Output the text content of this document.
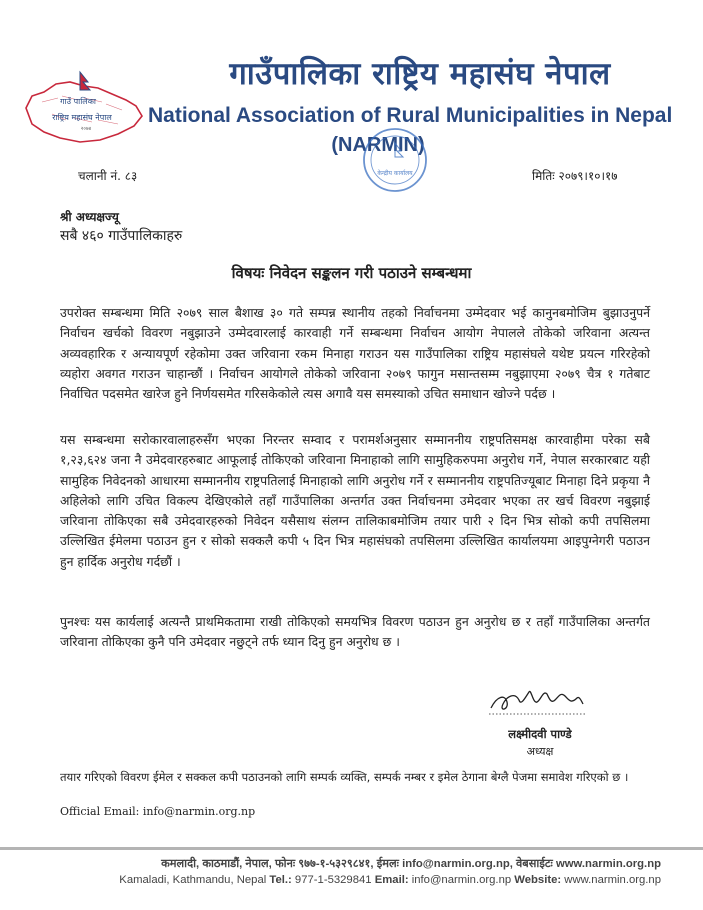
गाउँ पालिका
राष्ट्रिय महासंघ नेपाल
२०७४
गाउँपालिका राष्ट्रिय महासंघ नेपाल
National Association of Rural Municipalities in Nepal
(NARMIN)
केन्द्रीय कार्यालय
चलानी नं. ८३	मितिः २०७९।१०।१७
श्री अध्यक्षज्यू
सबै ४६० गाउँपालिकाहरु
विषयः निवेदन सङ्कलन गरी पठाउने सम्बन्धमा
उपरोक्त सम्बन्धमा मिति २०७९ साल बैशाख ३० गते सम्पन्न स्थानीय तहको निर्वाचनमा उम्मेदवार भई कानुनबमोजिम बुझाउनुपर्ने निर्वाचन खर्चको विवरण नबुझाउने उम्मेदवारलाई कारवाही गर्ने सम्बन्धमा निर्वाचन आयोग नेपालले तोकेको जरिवाना अत्यन्त अव्यवहारिक र अन्यायपूर्ण रहेकोमा उक्त जरिवाना रकम मिनाहा गराउन यस गाउँपालिका राष्ट्रिय महासंघले यथेष्ट प्रयत्न गरिरहेको व्यहोरा अवगत गराउन चाहान्छौं । निर्वाचन आयोगले तोकेको जरिवाना २०७९ फागुन मसान्तसम्म नबुझाएमा २०७९ चैत्र १ गतेबाट निर्वाचित पदसमेत खारेज हुने निर्णयसमेत गरिसकेकोले त्यस अगावै यस समस्याको उचित समाधान खोज्ने पर्दछ ।
यस सम्बन्धमा सरोकारवालाहरुसँग भएका निरन्तर सम्वाद र परामर्शअनुसार सम्माननीय राष्ट्रपतिसमक्ष कारवाहीमा परेका सबै १,२३,६२४ जना नै उमेदवारहरुबाट आफूलाई तोकिएको जरिवाना मिनाहाको लागि सामुहिकरुपमा अनुरोध गर्ने, नेपाल सरकारबाट यही सामुहिक निवेदनको आधारमा सम्माननीय राष्ट्रपतिलाई मिनाहाको लागि अनुरोध गर्ने र सम्माननीय राष्ट्रपतिज्यूबाट मिनाहा दिने प्रकृया नै अहिलेको लागि उचित विकल्प देखिएकोले तहाँ गाउँपालिका अन्तर्गत उक्त निर्वाचनमा उमेदवार भएका तर खर्च विवरण नबुझाई जरिवाना तोकिएका सबै उमेदवारहरुको निवेदन यसैसाथ संलग्न तालिकाबमोजिम तयार पारी २ दिन भित्र सोको कपी तपसिलमा उल्लिखित ईमेलमा पठाउन हुन र सोको सक्कलै कपी ५ दिन भित्र महासंघको तपसिलमा उल्लिखित कार्यालयमा आइपुग्नेगरी पठाउन हुन हार्दिक अनुरोध गर्दछौं ।
पुनश्चः यस कार्यलाई अत्यन्तै प्राथमिकतामा राखी तोकिएको समयभित्र विवरण पठाउन हुन अनुरोध छ र तहाँ गाउँपालिका अन्तर्गत जरिवाना तोकिएका कुनै पनि उमेदवार नछुट्ने तर्फ ध्यान दिनु हुन अनुरोध छ ।
लक्ष्मीदवी पाण्डे
अध्यक्ष
तयार गरिएको विवरण ईमेल र सक्कल कपी पठाउनको लागि सम्पर्क व्यक्ति, सम्पर्क नम्बर र इमेल ठेगाना बेग्लै पेजमा समावेश गरिएको छ ।
Official Email: info@narmin.org.np
कमलादी, काठमाडौं, नेपाल, फोनः ९७७-१-५३२९८४१, ईमलः info@narmin.org.np, वेबसाईटः www.narmin.org.np
Kamaladi, Kathmandu, Nepal Tel.: 977-1-5329841 Email: info@narmin.org.np Website: www.narmin.org.np
